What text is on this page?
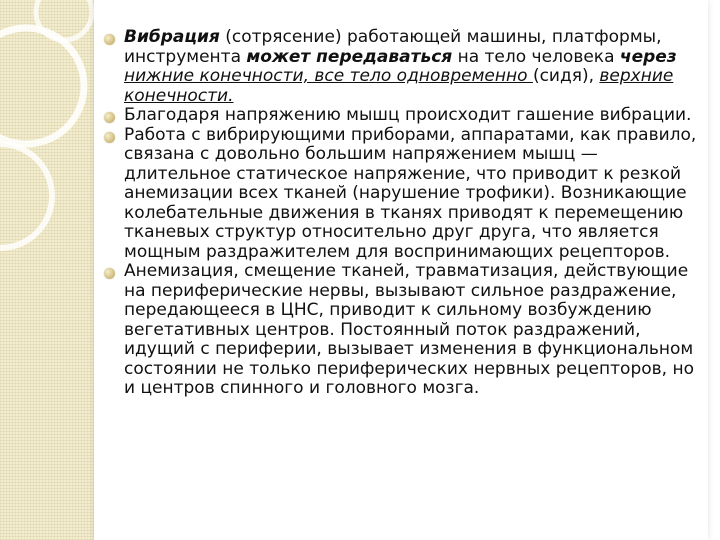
Вибрация (сотрясение) работающей машины, платформы, инструмента может передаваться на тело человека через нижние конечности, все тело одновременно (сидя), верхние конечности.
Благодаря напряжению мышц происходит гашение вибрации.
Работа с вибрирующими приборами, аппаратами, как правило, связана с довольно большим напряжением мышц — длительное статическое напряжение, что приводит к резкой анемизации всех тканей (нарушение трофики). Возникающие колебательные движения в тканях приводят к перемещению тканевых структур относительно друг друга, что является мощным раздражителем для воспринимающих рецепторов.
Анемизация, смещение тканей, травматизация, действующие на периферические нервы, вызывают сильное раздражение, передающееся в ЦНС, приводит к сильному возбуждению вегетативных центров. Постоянный поток раздражений, идущий с периферии, вызывает изменения в функциональном состоянии не только периферических нервных рецепторов, но и центров спинного и головного мозга.
